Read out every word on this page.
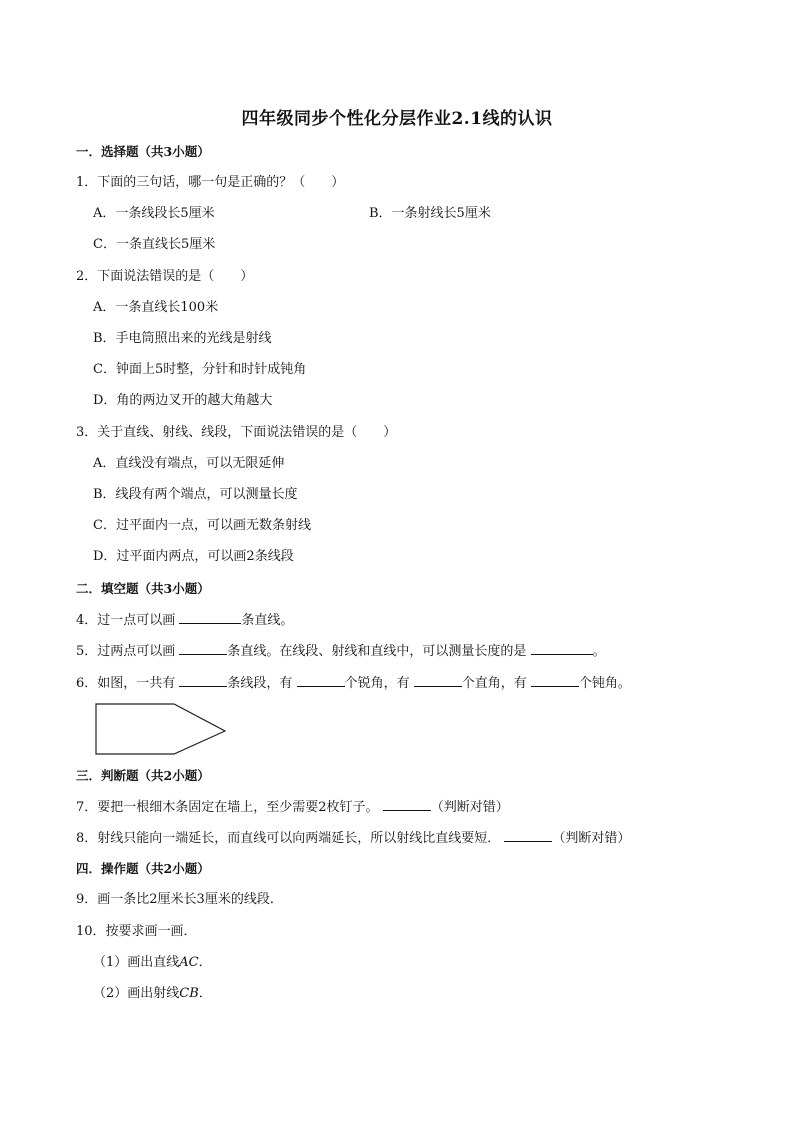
四年级同步个性化分层作业2.1线的认识
一．选择题（共3小题）
1．下面的三句话，哪一句是正确的？（　　）
A．一条线段长5厘米	B．一条射线长5厘米
C．一条直线长5厘米
2．下面说法错误的是（　　）
A．一条直线长100米
B．手电筒照出来的光线是射线
C．钟面上5时整，分针和时针成钝角
D．角的两边叉开的越大角越大
3．关于直线、射线、线段，下面说法错误的是（　　）
A．直线没有端点，可以无限延伸
B．线段有两个端点，可以测量长度
C．过平面内一点，可以画无数条射线
D．过平面内两点，可以画2条线段
二．填空题（共3小题）
4．过一点可以画	条直线。
5．过两点可以画	条直线。在线段、射线和直线中，可以测量长度的是	。
6．如图，一共有	条线段，有	个锐角，有	个直角，有	个钝角。
三．判断题（共2小题）
7．要把一根细木条固定在墙上，至少需要2枚钉子。	（判断对错）
8．射线只能向一端延长，而直线可以向两端延长，所以射线比直线要短．	（判断对错）
四．操作题（共2小题）
9．画一条比2厘米长3厘米的线段．
10．按要求画一画．
（1）画出直线AC．
（2）画出射线CB．
